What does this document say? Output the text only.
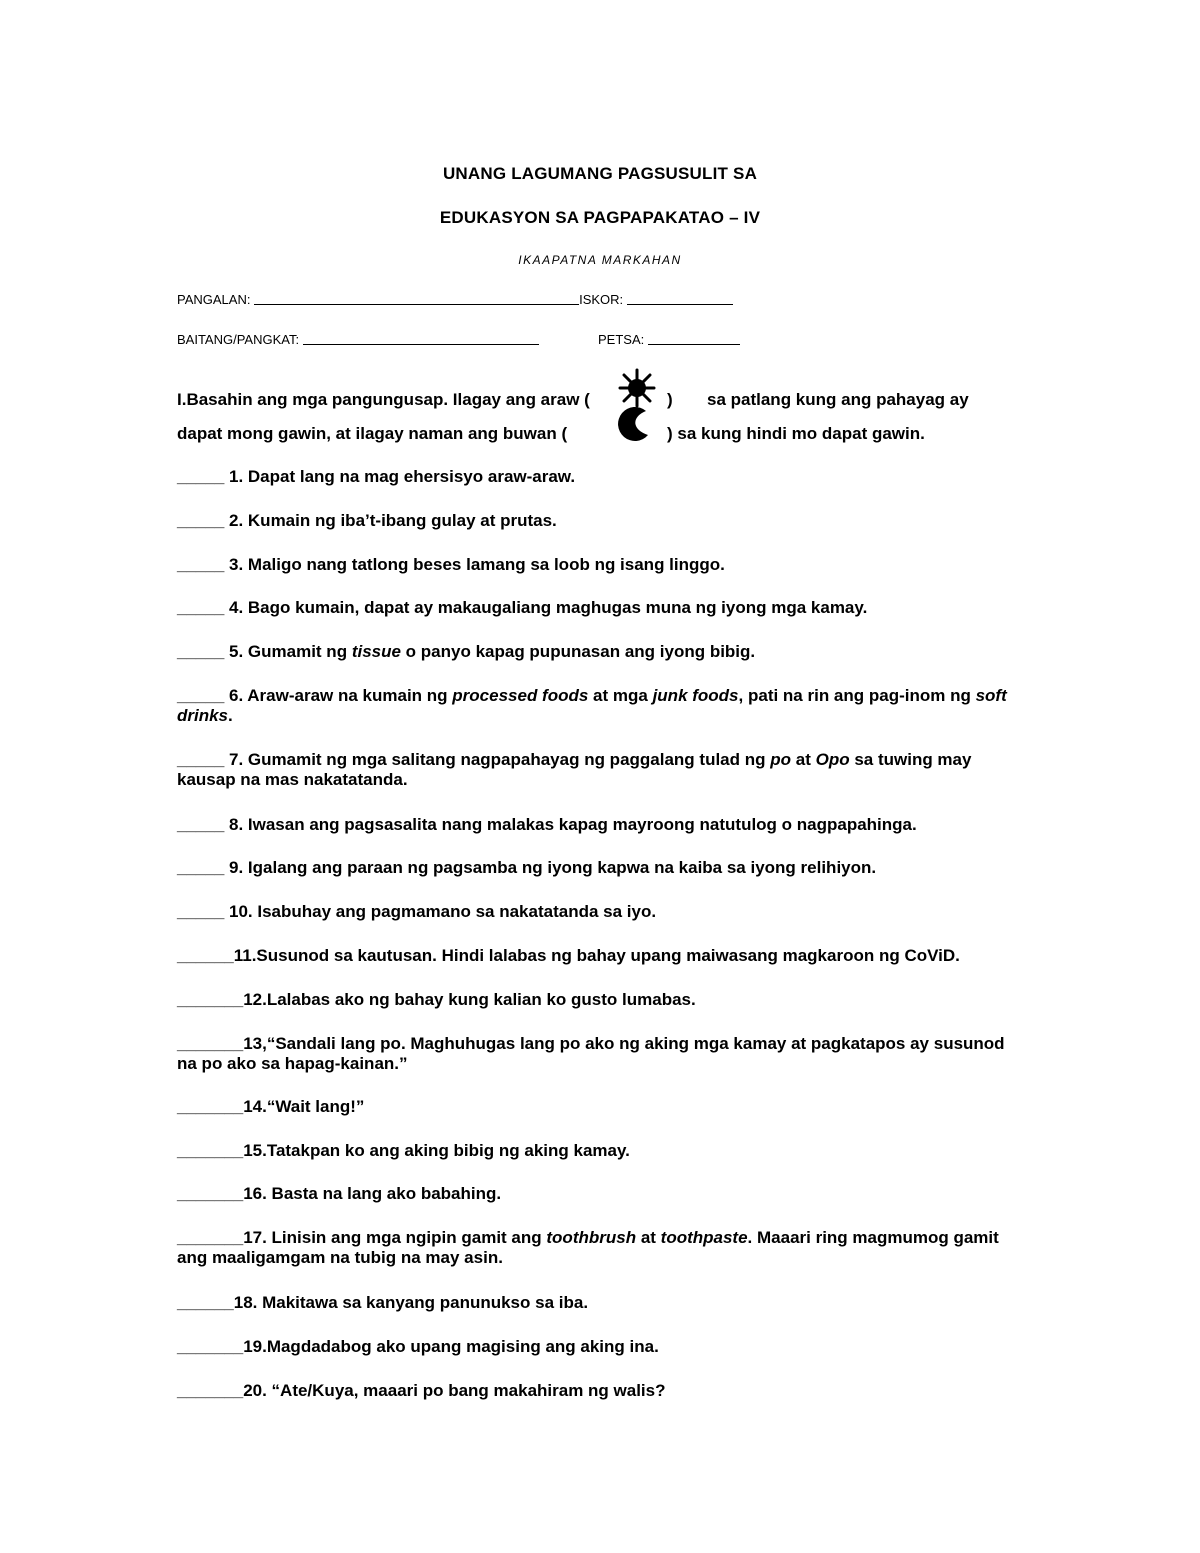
UNANG LAGUMANG PAGSUSULIT SA
EDUKASYON SA PAGPAPAKATAO – IV
IKAAPATNA MARKAHAN
PANGALAN:	ISKOR:
BAITANG/PANGKAT:	PETSA:
I.Basahin ang mga pangungusap. Ilagay ang araw (	) sa patlang kung ang pahayag ay
dapat mong gawin, at ilagay naman ang buwan (	) sa kung hindi mo dapat gawin.
_____ 1. Dapat lang na mag ehersisyo araw-araw.
_____ 2. Kumain ng iba’t-ibang gulay at prutas.
_____ 3. Maligo nang tatlong beses lamang sa loob ng isang linggo.
_____ 4. Bago kumain, dapat ay makaugaliang maghugas muna ng iyong mga kamay.
_____ 5. Gumamit ng tissue o panyo kapag pupunasan ang iyong bibig.
_____ 6. Araw-araw na kumain ng processed foods at mga junk foods, pati na rin ang pag-inom ng soft drinks.
_____ 7. Gumamit ng mga salitang nagpapahayag ng paggalang tulad ng po at Opo sa tuwing may kausap na mas nakatatanda.
_____ 8. Iwasan ang pagsasalita nang malakas kapag mayroong natutulog o nagpapahinga.
_____ 9. Igalang ang paraan ng pagsamba ng iyong kapwa na kaiba sa iyong relihiyon.
_____ 10. Isabuhay ang pagmamano sa nakatatanda sa iyo.
______11.Susunod sa kautusan. Hindi lalabas ng bahay upang maiwasang magkaroon ng CoViD.
_______12.Lalabas ako ng bahay kung kalian ko gusto lumabas.
_______13,“Sandali lang po. Maghuhugas lang po ako ng aking mga kamay at pagkatapos ay susunod na po ako sa hapag-kainan.”
_______14.“Wait lang!”
_______15.Tatakpan ko ang aking bibig ng aking kamay.
_______16. Basta na lang ako babahing.
_______17. Linisin ang mga ngipin gamit ang toothbrush at toothpaste. Maaari ring magmumog gamit ang maaligamgam na tubig na may asin.
______18. Makitawa sa kanyang panunukso sa iba.
_______19.Magdadabog ako upang magising ang aking ina.
_______20. “Ate/Kuya, maaari po bang makahiram ng walis?
